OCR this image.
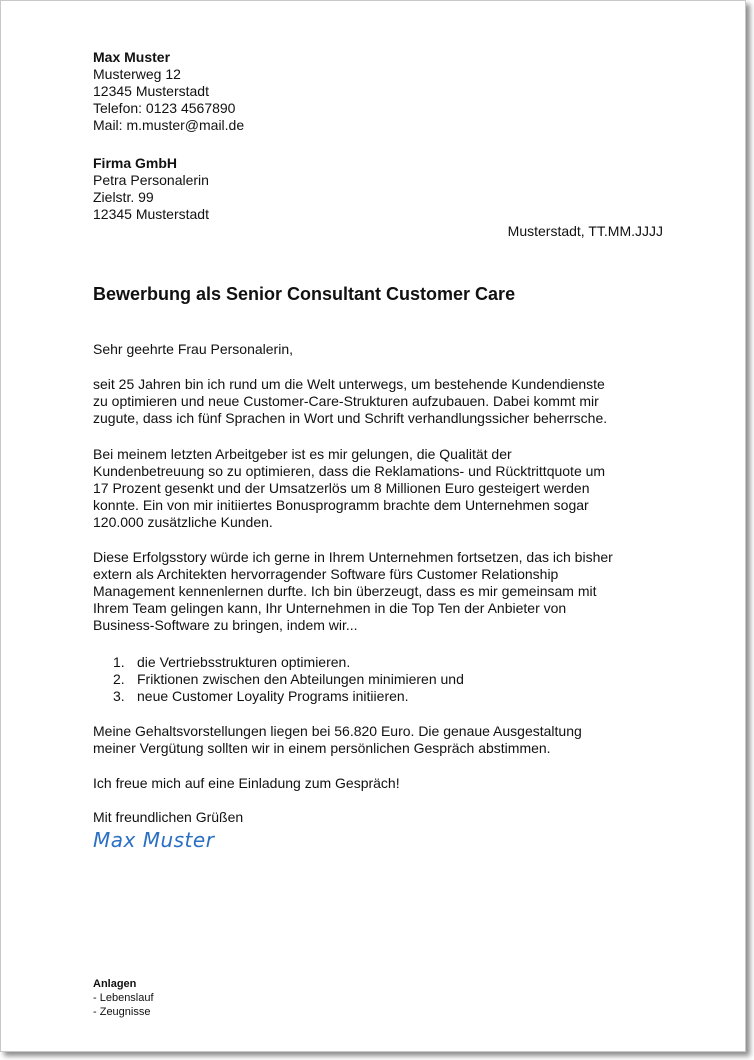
Max Muster
Musterweg 12
12345 Musterstadt
Telefon: 0123 4567890
Mail: m.muster@mail.de
Firma GmbH
Petra Personalerin
Zielstr. 99
12345 Musterstadt
Musterstadt, TT.MM.JJJJ
Bewerbung als Senior Consultant Customer Care
Sehr geehrte Frau Personalerin,
seit 25 Jahren bin ich rund um die Welt unterwegs, um bestehende Kundendienste
zu optimieren und neue Customer-Care-Strukturen aufzubauen. Dabei kommt mir
zugute, dass ich fünf Sprachen in Wort und Schrift verhandlungssicher beherrsche.
Bei meinem letzten Arbeitgeber ist es mir gelungen, die Qualität der
Kundenbetreuung so zu optimieren, dass die Reklamations- und Rücktrittquote um
17 Prozent gesenkt und der Umsatzerlös um 8 Millionen Euro gesteigert werden
konnte. Ein von mir initiiertes Bonusprogramm brachte dem Unternehmen sogar
120.000 zusätzliche Kunden.
Diese Erfolgsstory würde ich gerne in Ihrem Unternehmen fortsetzen, das ich bisher
extern als Architekten hervorragender Software fürs Customer Relationship
Management kennenlernen durfte. Ich bin überzeugt, dass es mir gemeinsam mit
Ihrem Team gelingen kann, Ihr Unternehmen in die Top Ten der Anbieter von
Business-Software zu bringen, indem wir...
1. die Vertriebsstrukturen optimieren.
2. Friktionen zwischen den Abteilungen minimieren und
3. neue Customer Loyality Programs initiieren.
Meine Gehaltsvorstellungen liegen bei 56.820 Euro. Die genaue Ausgestaltung
meiner Vergütung sollten wir in einem persönlichen Gespräch abstimmen.
Ich freue mich auf eine Einladung zum Gespräch!
Mit freundlichen Grüßen
Max Muster
Anlagen
- Lebenslauf
- Zeugnisse
